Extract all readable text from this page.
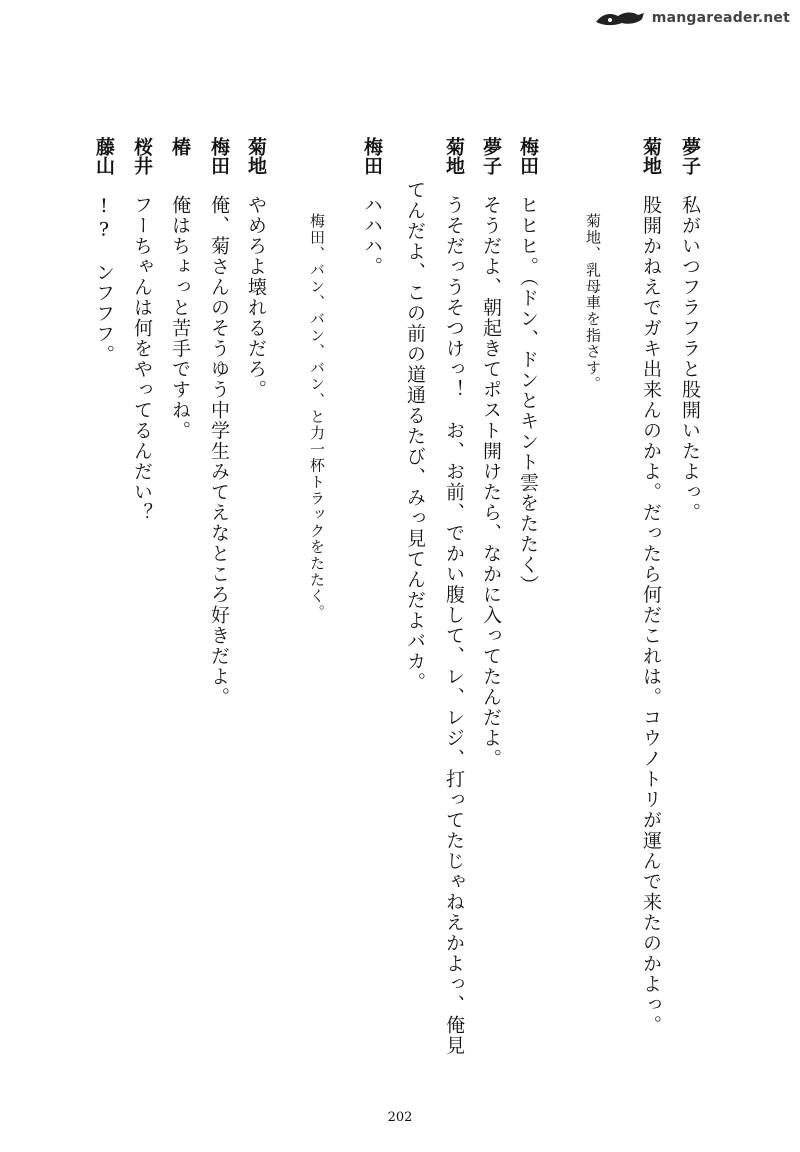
mangareader.net
夢子私がいつフラフラと股開いたよっ。
菊地股開かねえでガキ出来んのかよ。だったら何だこれは。コウノトリが運んで来たのかよっ。
菊地、乳母車を指さす。
梅田ヒヒヒ。（ドン、ドンとキント雲をたたく）
夢子そうだよ、朝起きてポスト開けたら、なかに入ってたんだよ。
菊地うそだっうそつけっ！　お、お前、でかい腹して、レ、レジ、打ってたじゃねえかよっ、俺見
てんだよ、この前の道通るたび、みっ見てんだよバカ。
梅田ハハハ。
梅田、バン、バン、バン、と力一杯トラックをたたく。
菊地やめろよ壊れるだろ。
梅田俺、菊さんのそうゆう中学生みてえなところ好きだよ。
椿俺はちょっと苦手ですね。
桜井フーちゃんは何をやってるんだい？
藤山!?　ンフフフ。
202
